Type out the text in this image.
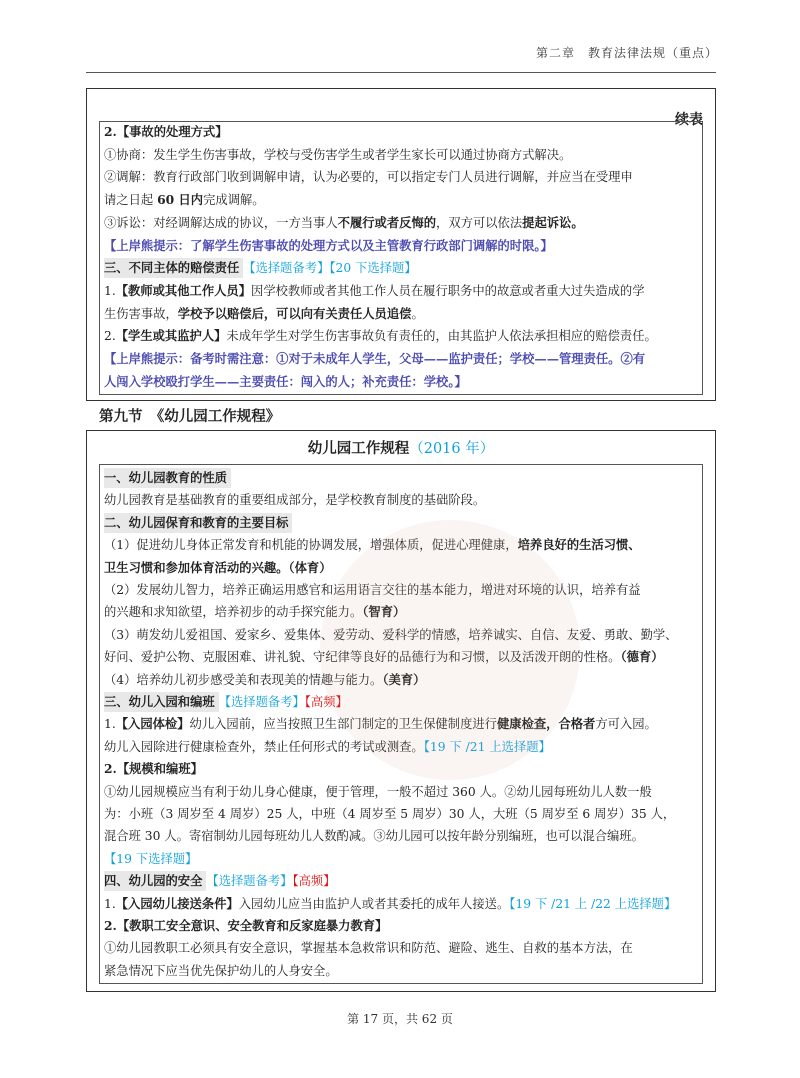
第二章　教育法律法规（重点）
续表
2.【事故的处理方式】
①协商：发生学生伤害事故，学校与受伤害学生或者学生家长可以通过协商方式解决。
②调解：教育行政部门收到调解申请，认为必要的，可以指定专门人员进行调解，并应当在受理申
请之日起 60 日内完成调解。
③诉讼：对经调解达成的协议，一方当事人不履行或者反悔的，双方可以依法提起诉讼。
【上岸熊提示：了解学生伤害事故的处理方式以及主管教育行政部门调解的时限。】
三、不同主体的赔偿责任 【选择题备考】【20 下选择题】
1.【教师或其他工作人员】因学校教师或者其他工作人员在履行职务中的故意或者重大过失造成的学
生伤害事故，学校予以赔偿后，可以向有关责任人员追偿。
2.【学生或其监护人】未成年学生对学生伤害事故负有责任的，由其监护人依法承担相应的赔偿责任。
【上岸熊提示：备考时需注意：①对于未成年人学生，父母——监护责任；学校——管理责任。②有
人闯入学校殴打学生——主要责任：闯入的人；补充责任：学校。】
第九节　《幼儿园工作规程》
幼儿园工作规程（2016 年）
一、幼儿园教育的性质
幼儿园教育是基础教育的重要组成部分，是学校教育制度的基础阶段。
二、幼儿园保育和教育的主要目标
（1）促进幼儿身体正常发育和机能的协调发展，增强体质，促进心理健康，培养良好的生活习惯、
卫生习惯和参加体育活动的兴趣。（体育）
（2）发展幼儿智力，培养正确运用感官和运用语言交往的基本能力，增进对环境的认识，培养有益
的兴趣和求知欲望，培养初步的动手探究能力。（智育）
（3）萌发幼儿爱祖国、爱家乡、爱集体、爱劳动、爱科学的情感，培养诚实、自信、友爱、勇敢、勤学、
好问、爱护公物、克服困难、讲礼貌、守纪律等良好的品德行为和习惯，以及活泼开朗的性格。（德育）
（4）培养幼儿初步感受美和表现美的情趣与能力。（美育）
三、幼儿入园和编班 【选择题备考】【高频】
1.【入园体检】幼儿入园前，应当按照卫生部门制定的卫生保健制度进行健康检查，合格者方可入园。
幼儿入园除进行健康检查外，禁止任何形式的考试或测查。【19 下 /21 上选择题】
2.【规模和编班】
①幼儿园规模应当有利于幼儿身心健康，便于管理，一般不超过 360 人。②幼儿园每班幼儿人数一般
为：小班（3 周岁至 4 周岁）25 人，中班（4 周岁至 5 周岁）30 人，大班（5 周岁至 6 周岁）35 人，
混合班 30 人。寄宿制幼儿园每班幼儿人数酌减。③幼儿园可以按年龄分别编班，也可以混合编班。
【19 下选择题】
四、幼儿园的安全 【选择题备考】【高频】
1.【入园幼儿接送条件】入园幼儿应当由监护人或者其委托的成年人接送。【19 下 /21 上 /22 上选择题】
2.【教职工安全意识、安全教育和反家庭暴力教育】
①幼儿园教职工必须具有安全意识，掌握基本急救常识和防范、避险、逃生、自救的基本方法，在
紧急情况下应当优先保护幼儿的人身安全。
第 17 页，共 62 页
